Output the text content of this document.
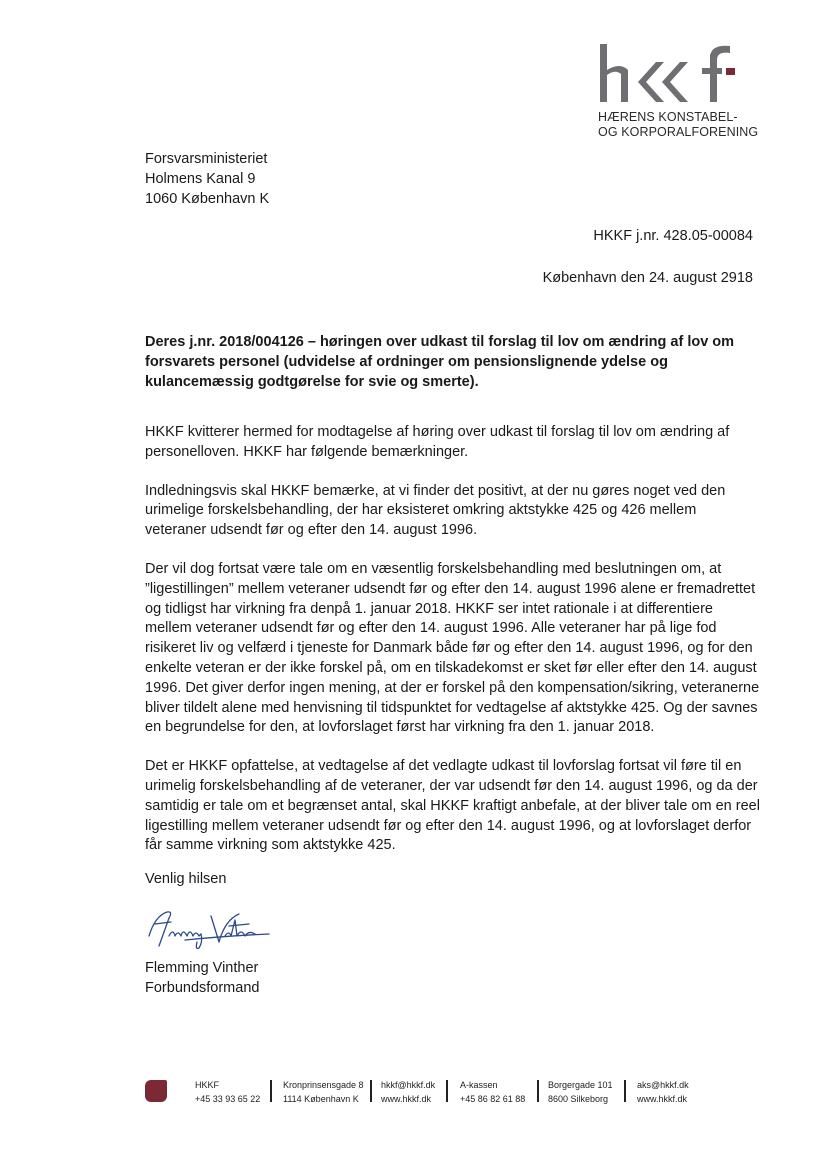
HÆRENS KONSTABEL-
OG KORPORALFORENING
Forsvarsministeriet
Holmens Kanal 9
1060 København K
HKKF j.nr. 428.05-00084
København den 24. august 2918
Deres j.nr. 2018/004126 – høringen over udkast til forslag til lov om ændring af lov om forsvarets personel (udvidelse af ordninger om pensionslignende ydelse og kulancemæssig godtgørelse for svie og smerte).

HKKF kvitterer hermed for modtagelse af høring over udkast til forslag til lov om ændring af personelloven. HKKF har følgende bemærkninger.

Indledningsvis skal HKKF bemærke, at vi finder det positivt, at der nu gøres noget ved den urimelige forskelsbehandling, der har eksisteret omkring aktstykke 425 og 426 mellem veteraner udsendt før og efter den 14. august 1996.

Der vil dog fortsat være tale om en væsentlig forskelsbehandling med beslutningen om, at ”ligestillingen” mellem veteraner udsendt før og efter den 14. august 1996 alene er fremadrettet og tidligst har virkning fra denpå 1. januar 2018. HKKF ser intet rationale i at differentiere mellem veteraner udsendt før og efter den 14. august 1996. Alle veteraner har på lige fod risikeret liv og velfærd i tjeneste for Danmark både før og efter den 14. august 1996, og for den enkelte veteran er der ikke forskel på, om en tilskadekomst er sket før eller efter den 14. august 1996. Det giver derfor ingen mening, at der er forskel på den kompensation/sikring, veteranerne bliver tildelt alene med henvisning til tidspunktet for vedtagelse af aktstykke 425. Og der savnes en begrundelse for den, at lovforslaget først har virkning fra den 1. januar 2018.

Det er HKKF opfattelse, at vedtagelse af det vedlagte udkast til lovforslag fortsat vil føre til en urimelig forskelsbehandling af de veteraner, der var udsendt før den 14. august 1996, og da der samtidig er tale om et begrænset antal, skal HKKF kraftigt anbefale, at der bliver tale om en reel ligestilling mellem veteraner udsendt før og efter den 14. august 1996, og at lovforslaget derfor får samme virkning som aktstykke 425.

Venlig hilsen
Flemming Vinther
Forbundsformand
HKKF
+45 33 93 65 22
Kronprinsensgade 8
1114 København K
hkkf@hkkf.dk
www.hkkf.dk
A-kassen
+45 86 82 61 88
Borgergade 101
8600 Silkeborg
aks@hkkf.dk
www.hkkf.dk
